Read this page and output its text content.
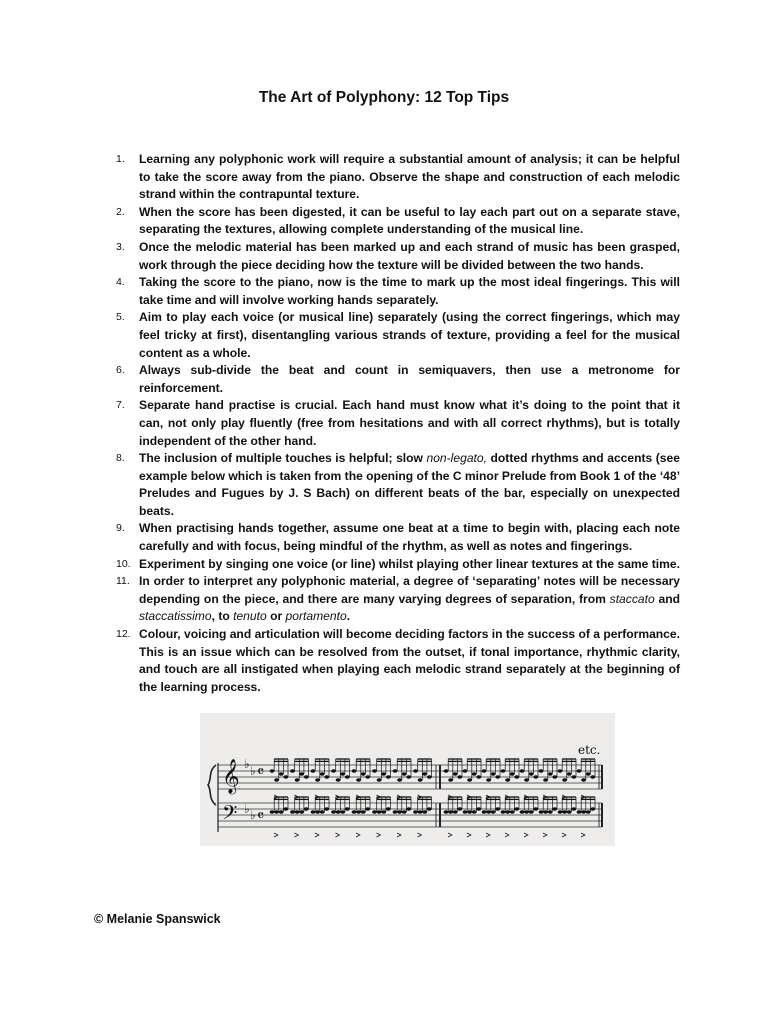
The Art of Polyphony: 12 Top Tips
1. Learning any polyphonic work will require a substantial amount of analysis; it can be helpful to take the score away from the piano. Observe the shape and construction of each melodic strand within the contrapuntal texture.
2. When the score has been digested, it can be useful to lay each part out on a separate stave, separating the textures, allowing complete understanding of the musical line.
3. Once the melodic material has been marked up and each strand of music has been grasped, work through the piece deciding how the texture will be divided between the two hands.
4. Taking the score to the piano, now is the time to mark up the most ideal fingerings. This will take time and will involve working hands separately.
5. Aim to play each voice (or musical line) separately (using the correct fingerings, which may feel tricky at first), disentangling various strands of texture, providing a feel for the musical content as a whole.
6. Always sub-divide the beat and count in semiquavers, then use a metronome for reinforcement.
7. Separate hand practise is crucial. Each hand must know what it’s doing to the point that it can, not only play fluently (free from hesitations and with all correct rhythms), but is totally independent of the other hand.
8. The inclusion of multiple touches is helpful; slow non-legato, dotted rhythms and accents (see example below which is taken from the opening of the C minor Prelude from Book 1 of the ‘48’ Preludes and Fugues by J. S Bach) on different beats of the bar, especially on unexpected beats.
9. When practising hands together, assume one beat at a time to begin with, placing each note carefully and with focus, being mindful of the rhythm, as well as notes and fingerings.
10. Experiment by singing one voice (or line) whilst playing other linear textures at the same time.
11. In order to interpret any polyphonic material, a degree of ‘separating’ notes will be necessary depending on the piece, and there are many varying degrees of separation, from staccato and staccatissimo, to tenuto or portamento.
12. Colour, voicing and articulation will become deciding factors in the success of a performance. This is an issue which can be resolved from the outset, if tonal importance, rhythmic clarity, and touch are all instigated when playing each melodic strand separately at the beginning of the learning process.
𝄞
𝄢
♭ ♭
♭ ♭
𝄴
𝄴
etc.
© Melanie Spanswick
